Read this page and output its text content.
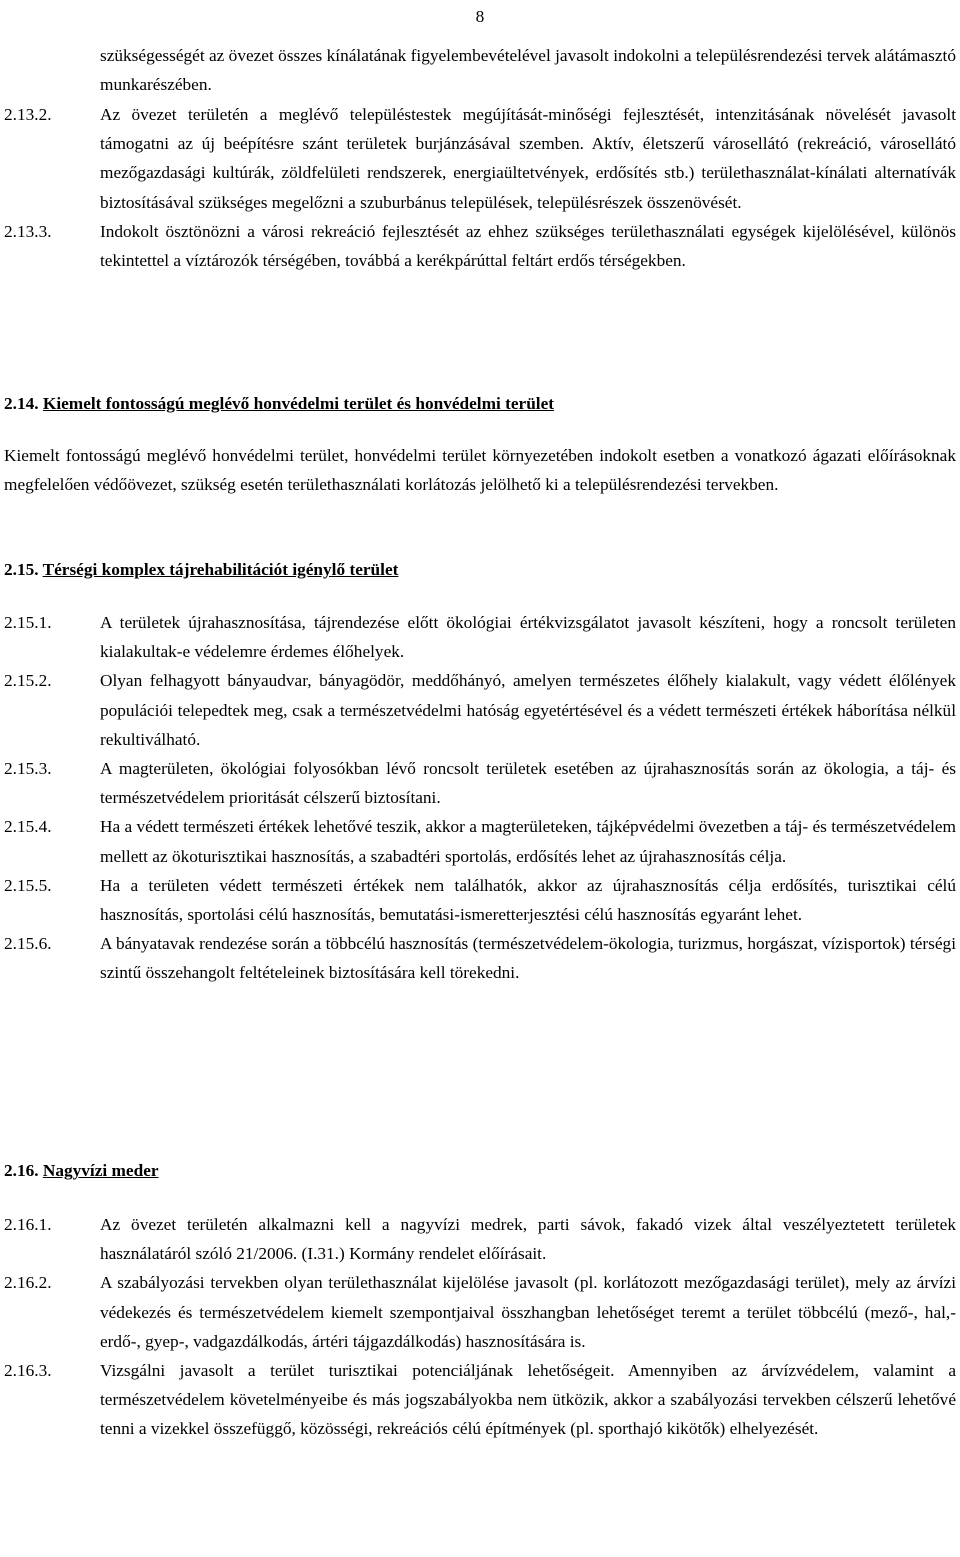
8
szükségességét az övezet összes kínálatának figyelembevételével javasolt indokolni a településrendezési tervek alátámasztó munkarészében.
2.13.2.	Az övezet területén a meglévő településtestek megújítását-minőségi fejlesztését, intenzitásának növelését javasolt támogatni az új beépítésre szánt területek burjánzásával szemben. Aktív, életszerű városellátó (rekreáció, városellátó mezőgazdasági kultúrák, zöldfelületi rendszerek, energiaültetvények, erdősítés stb.) területhasználat-kínálati alternatívák biztosításával szükséges megelőzni a szuburbánus települések, településrészek összenövését.
2.13.3.	Indokolt ösztönözni a városi rekreáció fejlesztését az ehhez szükséges területhasználati egységek kijelölésével, különös tekintettel a víztározók térségében, továbbá a kerékpárúttal feltárt erdős térségekben.
2.14. Kiemelt fontosságú meglévő honvédelmi terület és honvédelmi terület
Kiemelt fontosságú meglévő honvédelmi terület, honvédelmi terület környezetében indokolt esetben a vonatkozó ágazati előírásoknak megfelelően védőövezet, szükség esetén területhasználati korlátozás jelölhető ki a településrendezési tervekben.
2.15. Térségi komplex tájrehabilitációt igénylő terület
2.15.1.	A területek újrahasznosítása, tájrendezése előtt ökológiai értékvizsgálatot javasolt készíteni, hogy a roncsolt területen kialakultak-e védelemre érdemes élőhelyek.
2.15.2.	Olyan felhagyott bányaudvar, bányagödör, meddőhányó, amelyen természetes élőhely kialakult, vagy védett élőlények populációi telepedtek meg, csak a természetvédelmi hatóság egyetértésével és a védett természeti értékek háborítása nélkül rekultiválható.
2.15.3.	A magterületen, ökológiai folyosókban lévő roncsolt területek esetében az újrahasznosítás során az ökologia, a táj- és természetvédelem prioritását célszerű biztosítani.
2.15.4.	Ha a védett természeti értékek lehetővé teszik, akkor a magterületeken, tájképvédelmi övezetben a táj- és természetvédelem mellett az ökoturisztikai hasznosítás, a szabadtéri sportolás, erdősítés lehet az újrahasznosítás célja.
2.15.5.	Ha a területen védett természeti értékek nem találhatók, akkor az újrahasznosítás célja erdősítés, turisztikai célú hasznosítás, sportolási célú hasznosítás, bemutatási-ismeretterjesztési célú hasznosítás egyaránt lehet.
2.15.6.	A bányatavak rendezése során a többcélú hasznosítás (természetvédelem-ökologia, turizmus, horgászat, vízisportok) térségi szintű összehangolt feltételeinek biztosítására kell törekedni.
2.16. Nagyvízi meder
2.16.1.	Az övezet területén alkalmazni kell a nagyvízi medrek, parti sávok, fakadó vizek által veszélyeztetett területek használatáról szóló 21/2006. (I.31.) Kormány rendelet előírásait.
2.16.2.	A szabályozási tervekben olyan területhasználat kijelölése javasolt (pl. korlátozott mezőgazdasági terület), mely az árvízi védekezés és természetvédelem kiemelt szempontjaival összhangban lehetőséget teremt a terület többcélú (mező-, hal,- erdő-, gyep-, vadgazdálkodás, ártéri tájgazdálkodás) hasznosítására is.
2.16.3.	Vizsgálni javasolt a terület turisztikai potenciáljának lehetőségeit. Amennyiben az árvízvédelem, valamint a természetvédelem követelményeibe és más jogszabályokba nem ütközik, akkor a szabályozási tervekben célszerű lehetővé tenni a vizekkel összefüggő, közösségi, rekreációs célú építmények (pl. sporthajó kikötők) elhelyezését.
